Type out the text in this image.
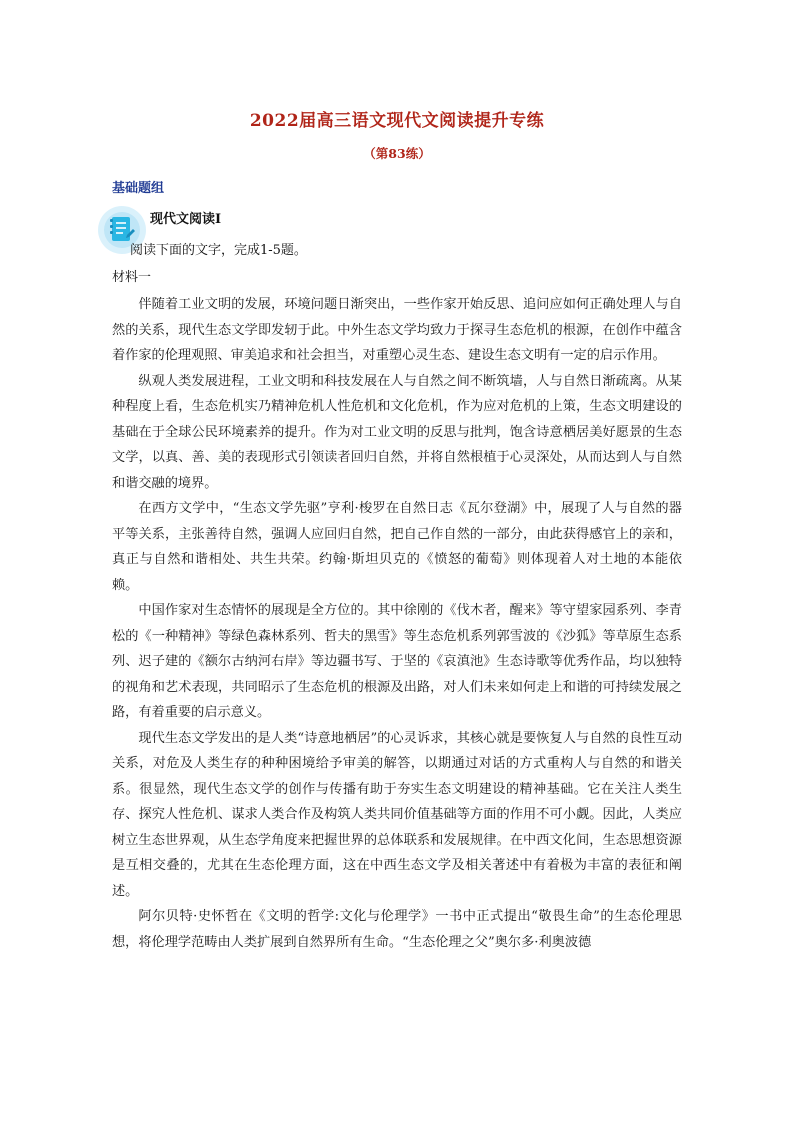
2022届高三语文现代文阅读提升专练
（第83练）
基础题组
现代文阅读Ⅰ
阅读下面的文字，完成1-5题。
材料一

伴随着工业文明的发展，环境问题日渐突出，一些作家开始反思、追问应如何正确处理人与自然的关系，现代生态文学即发轫于此。中外生态文学均致力于探寻生态危机的根源，在创作中蕴含着作家的伦理观照、审美追求和社会担当，对重塑心灵生态、建设生态文明有一定的启示作用。

纵观人类发展进程，工业文明和科技发展在人与自然之间不断筑墙，人与自然日渐疏离。从某种程度上看，生态危机实乃精神危机人性危机和文化危机，作为应对危机的上策，生态文明建设的基础在于全球公民环境素养的提升。作为对工业文明的反思与批判，饱含诗意栖居美好愿景的生态文学，以真、善、美的表现形式引领读者回归自然，并将自然根植于心灵深处，从而达到人与自然和谐交融的境界。

在西方文学中，“生态文学先驱”亨利·梭罗在自然日志《瓦尔登湖》中，展现了人与自然的器平等关系，主张善待自然，强调人应回归自然，把自己作自然的一部分，由此获得感官上的亲和，真正与自然和谐相处、共生共荣。约翰·斯坦贝克的《愤怒的葡萄》则体现着人对土地的本能依赖。

中国作家对生态情怀的展现是全方位的。其中徐刚的《伐木者，醒来》等守望家园系列、李青松的《一种精神》等绿色森林系列、哲夫的黑雪》等生态危机系列郭雪波的《沙狐》等草原生态系列、迟子建的《额尔古纳河右岸》等边疆书写、于坚的《哀滇池》生态诗歌等优秀作品，均以独特的视角和艺术表现，共同昭示了生态危机的根源及出路，对人们未来如何走上和谐的可持续发展之路，有着重要的启示意义。

现代生态文学发出的是人类“诗意地栖居”的心灵诉求，其核心就是要恢复人与自然的良性互动关系，对危及人类生存的种种困境给予审美的解答，以期通过对话的方式重构人与自然的和谐关系。很显然，现代生态文学的创作与传播有助于夯实生态文明建设的精神基础。它在关注人类生存、探究人性危机、谋求人类合作及构筑人类共同价值基础等方面的作用不可小觑。因此，人类应树立生态世界观，从生态学角度来把握世界的总体联系和发展规律。在中西文化间，生态思想资源是互相交叠的，尤其在生态伦理方面，这在中西生态文学及相关著述中有着极为丰富的表征和阐述。

阿尔贝特·史怀哲在《文明的哲学:文化与伦理学》一书中正式提出“敬畏生命”的生态伦理思想，将伦理学范畴由人类扩展到自然界所有生命。“生态伦理之父”奥尔多·利奥波德
